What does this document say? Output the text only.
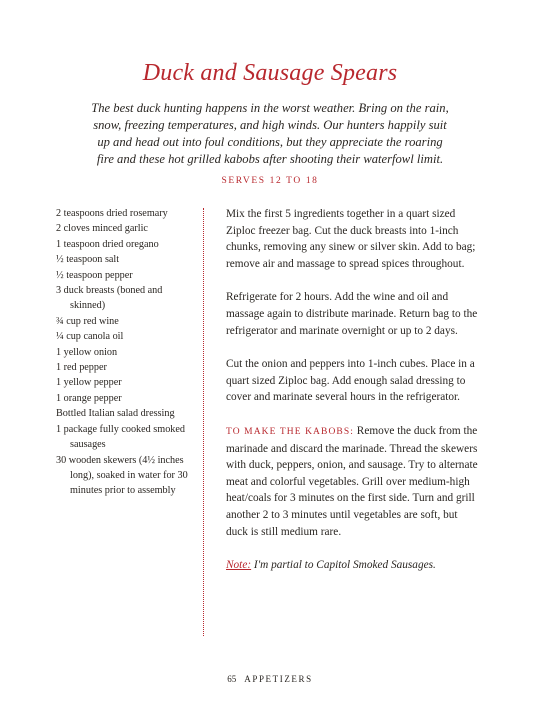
Duck and Sausage Spears
The best duck hunting happens in the worst weather. Bring on the rain, snow, freezing temperatures, and high winds. Our hunters happily suit up and head out into foul conditions, but they appreciate the roaring fire and these hot grilled kabobs after shooting their waterfowl limit.
SERVES 12 TO 18
2 teaspoons dried rosemary
2 cloves minced garlic
1 teaspoon dried oregano
½ teaspoon salt
½ teaspoon pepper
3 duck breasts (boned and skinned)
¾ cup red wine
¼ cup canola oil
1 yellow onion
1 red pepper
1 yellow pepper
1 orange pepper
Bottled Italian salad dressing
1 package fully cooked smoked sausages
30 wooden skewers (4½ inches long), soaked in water for 30 minutes prior to assembly

Mix the first 5 ingredients together in a quart sized Ziploc freezer bag. Cut the duck breasts into 1-inch chunks, removing any sinew or silver skin. Add to bag; remove air and massage to spread spices throughout.

Refrigerate for 2 hours. Add the wine and oil and massage again to distribute marinade. Return bag to the refrigerator and marinate overnight or up to 2 days.

Cut the onion and peppers into 1-inch cubes. Place in a quart sized Ziploc bag. Add enough salad dressing to cover and marinate several hours in the refrigerator.

TO MAKE THE KABOBS: Remove the duck from the marinade and discard the marinade. Thread the skewers with duck, peppers, onion, and sausage. Try to alternate meat and colorful vegetables. Grill over medium-high heat/coals for 3 minutes on the first side. Turn and grill another 2 to 3 minutes until vegetables are soft, but duck is still medium rare.

Note: I'm partial to Capitol Smoked Sausages.

65 APPETIZERS
